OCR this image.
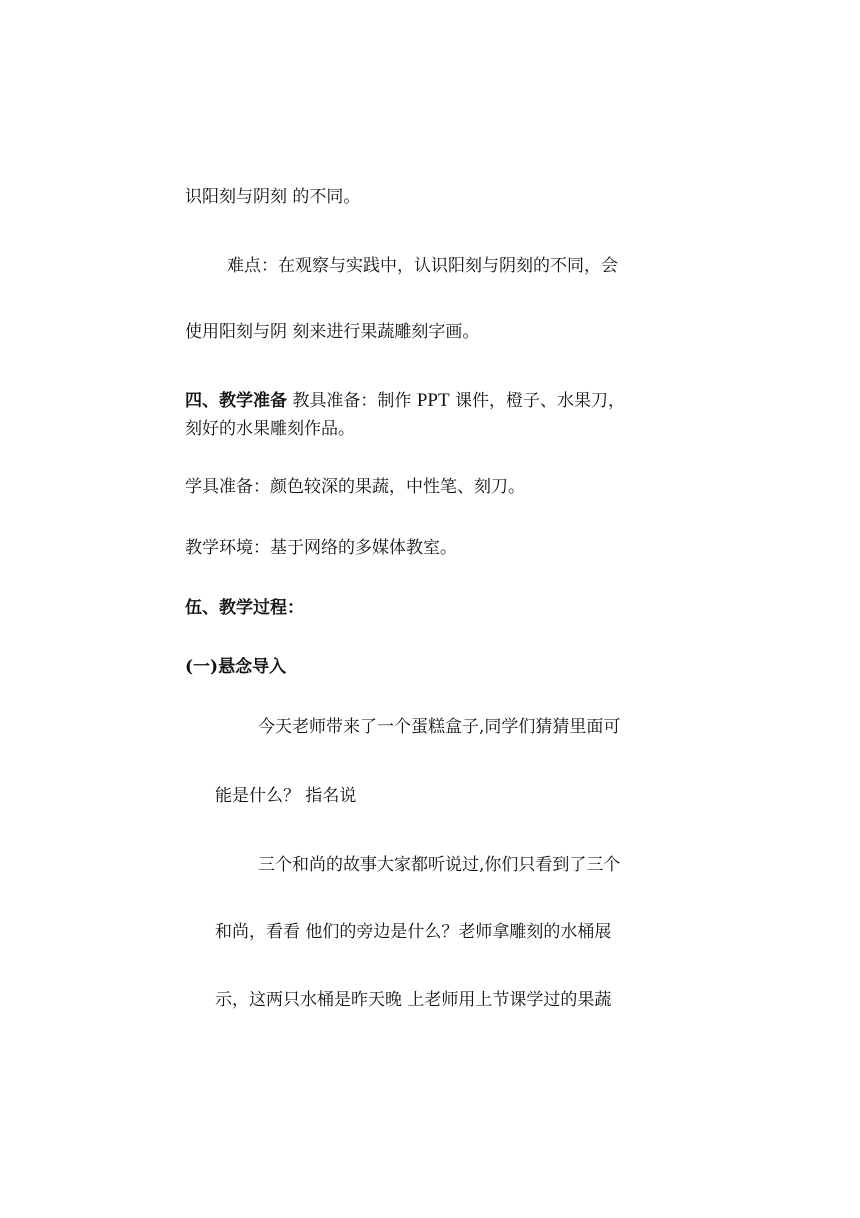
识阳刻与阴刻 的不同。
难点：在观察与实践中，认识阳刻与阴刻的不同，会
使用阳刻与阴 刻来进行果蔬雕刻字画。
四、教学准备 教具准备：制作 PPT 课件，橙子、水果刀，
刻好的水果雕刻作品。
学具准备：颜色较深的果蔬，中性笔、刻刀。
教学环境：基于网络的多媒体教室。
伍、教学过程：
(一)悬念导入
今天老师带来了一个蛋糕盒子,同学们猜猜里面可
能是什么？ 指名说
三个和尚的故事大家都听说过,你们只看到了三个
和尚，看看 他们的旁边是什么？老师拿雕刻的水桶展
示，这两只水桶是昨天晚 上老师用上节课学过的果蔬
